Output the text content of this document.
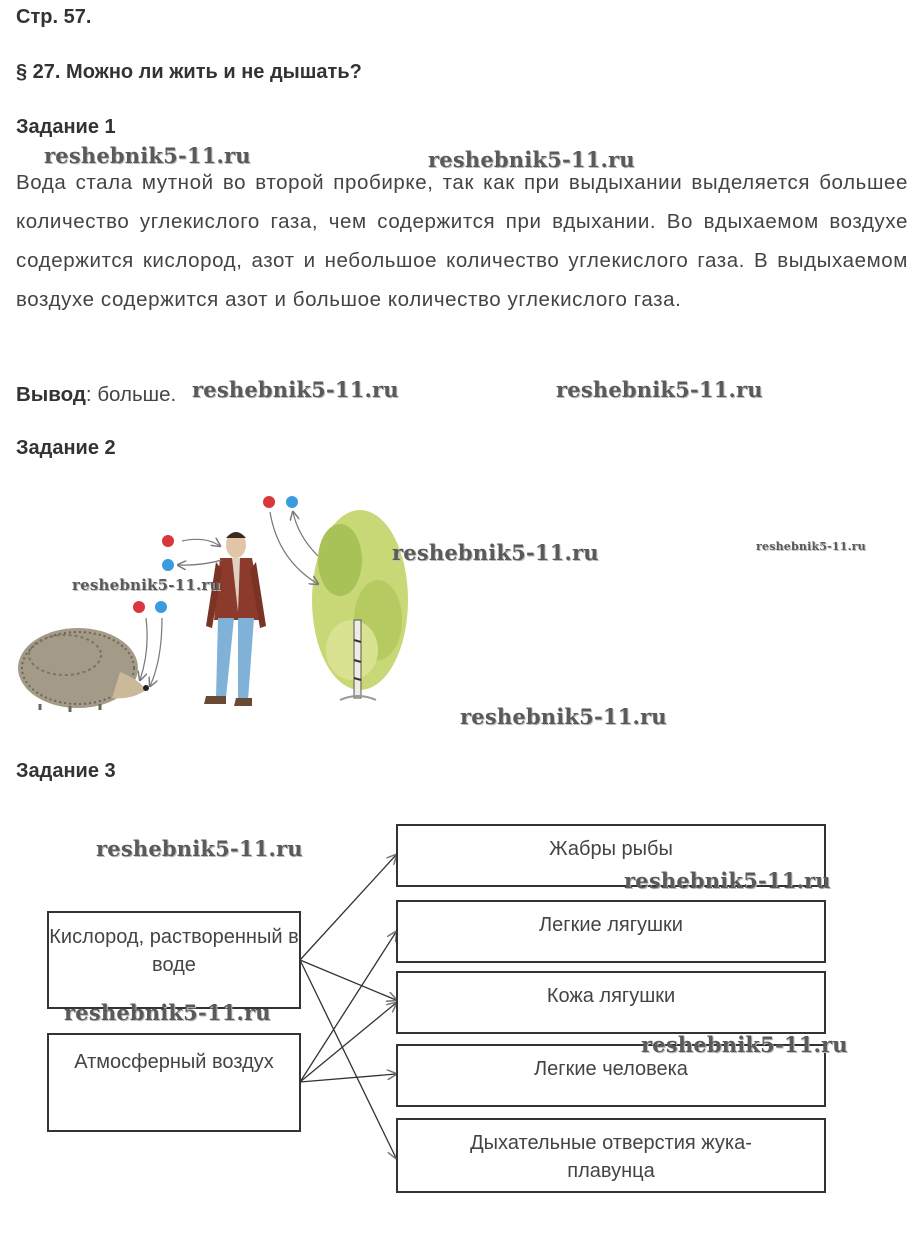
Стр. 57.
§ 27. Можно ли жить и не дышать?
Задание 1
Вода стала мутной во второй пробирке, так как при выдыхании выделяется большее количество углекислого газа, чем содержится при вдыхании. Во вдыхаемом воздухе содержится кислород, азот и небольшое количество углекислого газа. В выдыхаемом воздухе содержится азот и большое количество углекислого газа.
Вывод: больше.
Задание 2
Задание 3
Кислород, растворенный в воде
Атмосферный воздух
Жабры рыбы
Легкие лягушки
Кожа лягушки
Легкие человека
Дыхательные отверстия жука-плавунца
reshebnik5-11.ru	reshebnik5-11.ru
reshebnik5-11.ru	reshebnik5-11.ru
reshebnik5-11.ru	reshebnik5-11.ru
reshebnik5-11.ru
reshebnik5-11.ru
reshebnik5-11.ru
reshebnik5-11.ru
reshebnik5-11.ru
reshebnik5-11.ru
